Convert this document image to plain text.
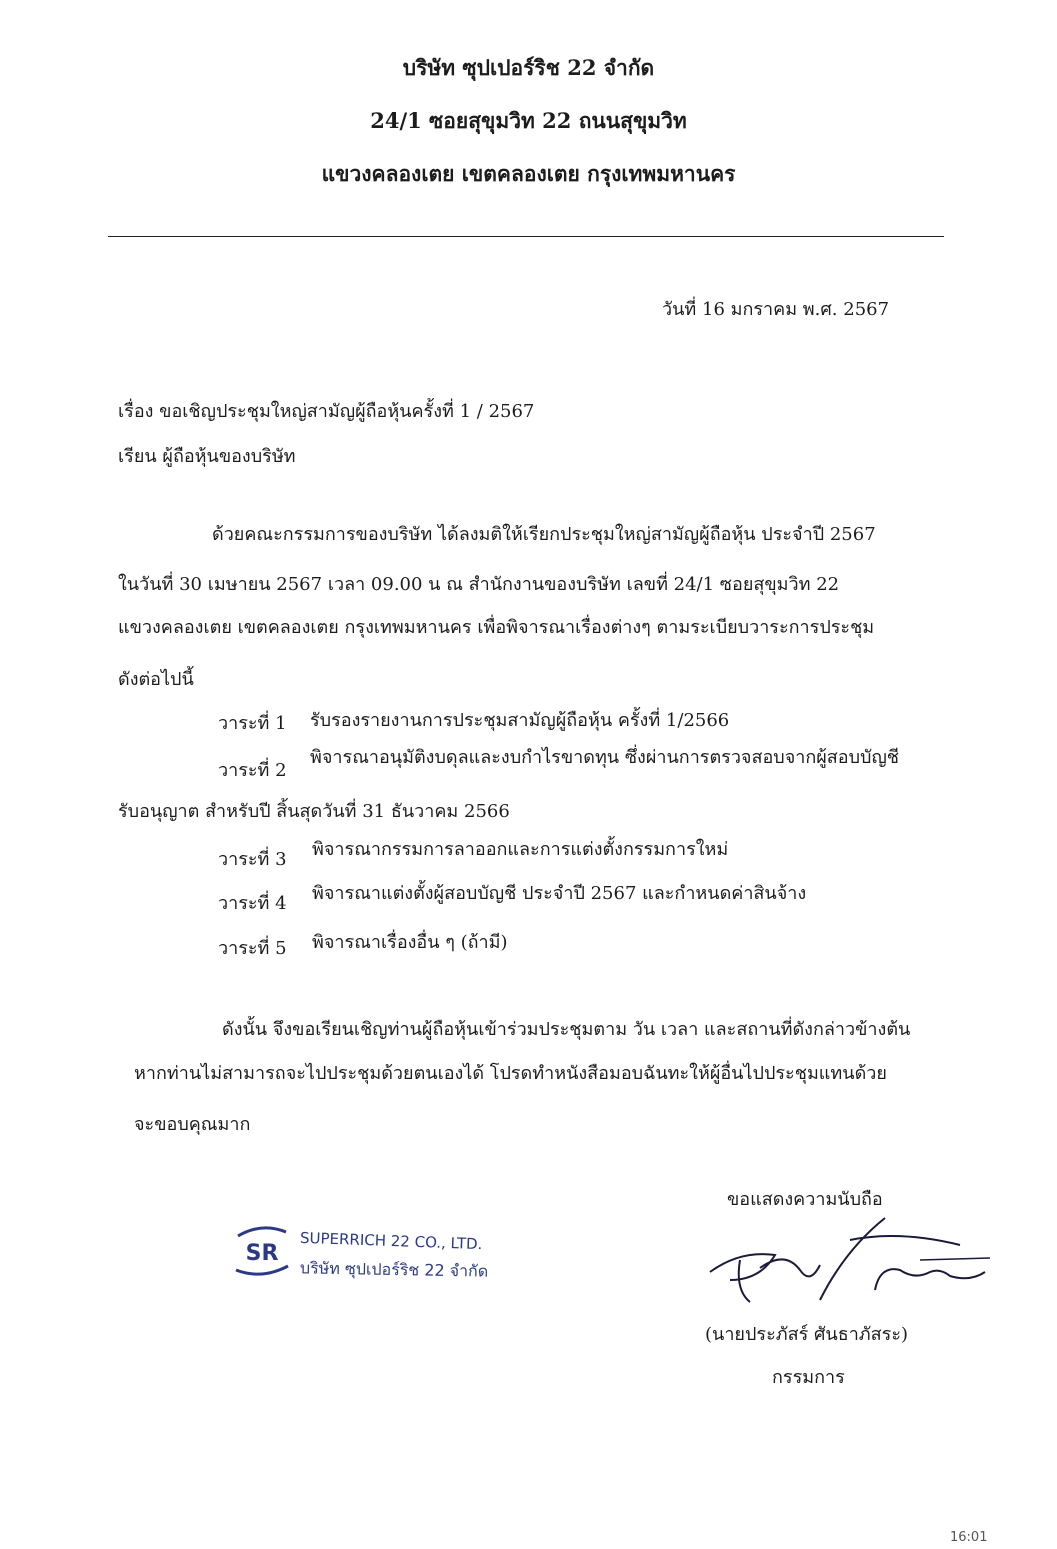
บริษัท ซุปเปอร์ริช 22 จำกัด
24/1 ซอยสุขุมวิท 22 ถนนสุขุมวิท
แขวงคลองเตย เขตคลองเตย กรุงเทพมหานคร
วันที่ 16 มกราคม พ.ศ. 2567
เรื่อง ขอเชิญประชุมใหญ่สามัญผู้ถือหุ้นครั้งที่ 1 / 2567
เรียน ผู้ถือหุ้นของบริษัท
ด้วยคณะกรรมการของบริษัท ได้ลงมติให้เรียกประชุมใหญ่สามัญผู้ถือหุ้น ประจำปี 2567
ในวันที่ 30 เมษายน 2567 เวลา 09.00 น ณ สำนักงานของบริษัท เลขที่ 24/1 ซอยสุขุมวิท 22
แขวงคลองเตย เขตคลองเตย กรุงเทพมหานคร เพื่อพิจารณาเรื่องต่างๆ ตามระเบียบวาระการประชุม
ดังต่อไปนี้
วาระที่ 1 รับรองรายงานการประชุมสามัญผู้ถือหุ้น ครั้งที่ 1/2566
วาระที่ 2
พิจารณาอนุมัติงบดุลและงบกำไรขาดทุน ซึ่งผ่านการตรวจสอบจากผู้สอบบัญชี
รับอนุญาต สำหรับปี สิ้นสุดวันที่ 31 ธันวาคม 2566
วาระที่ 3 พิจารณากรรมการลาออกและการแต่งตั้งกรรมการใหม่
วาระที่ 4 พิจารณาแต่งตั้งผู้สอบบัญชี ประจำปี 2567 และกำหนดค่าสินจ้าง
วาระที่ 5 พิจารณาเรื่องอื่น ๆ (ถ้ามี)
ดังนั้น จึงขอเรียนเชิญท่านผู้ถือหุ้นเข้าร่วมประชุมตาม วัน เวลา และสถานที่ดังกล่าวข้างต้น
หากท่านไม่สามารถจะไปประชุมด้วยตนเองได้ โปรดทำหนังสือมอบฉันทะให้ผู้อื่นไปประชุมแทนด้วย
จะขอบคุณมาก
ขอแสดงความนับถือ
SR SUPERRICH 22 CO., LTD.
บริษัท ซุปเปอร์ริช 22 จำกัด
(นายประภัสร์ ศันธาภัสระ)
กรรมการ
16:01
